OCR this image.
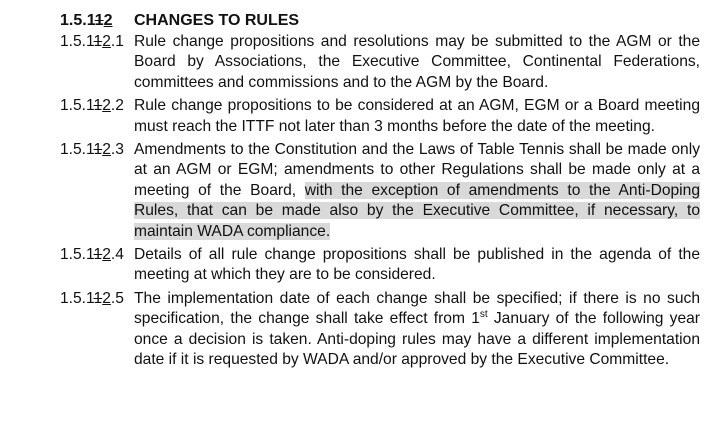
1.5.112	CHANGES TO RULES
1.5.112.1 Rule change propositions and resolutions may be submitted to the AGM or the Board by Associations, the Executive Committee, Continental Federations, committees and commissions and to the AGM by the Board.
1.5.112.2 Rule change propositions to be considered at an AGM, EGM or a Board meeting must reach the ITTF not later than 3 months before the date of the meeting.
1.5.112.3 Amendments to the Constitution and the Laws of Table Tennis shall be made only at an AGM or EGM; amendments to other Regulations shall be made only at a meeting of the Board, with the exception of amendments to the Anti-Doping Rules, that can be made also by the Executive Committee, if necessary, to maintain WADA compliance.
1.5.112.4 Details of all rule change propositions shall be published in the agenda of the meeting at which they are to be considered.
1.5.112.5 The implementation date of each change shall be specified; if there is no such specification, the change shall take effect from 1st January of the following year once a decision is taken. Anti-doping rules may have a different implementation date if it is requested by WADA and/or approved by the Executive Committee.
